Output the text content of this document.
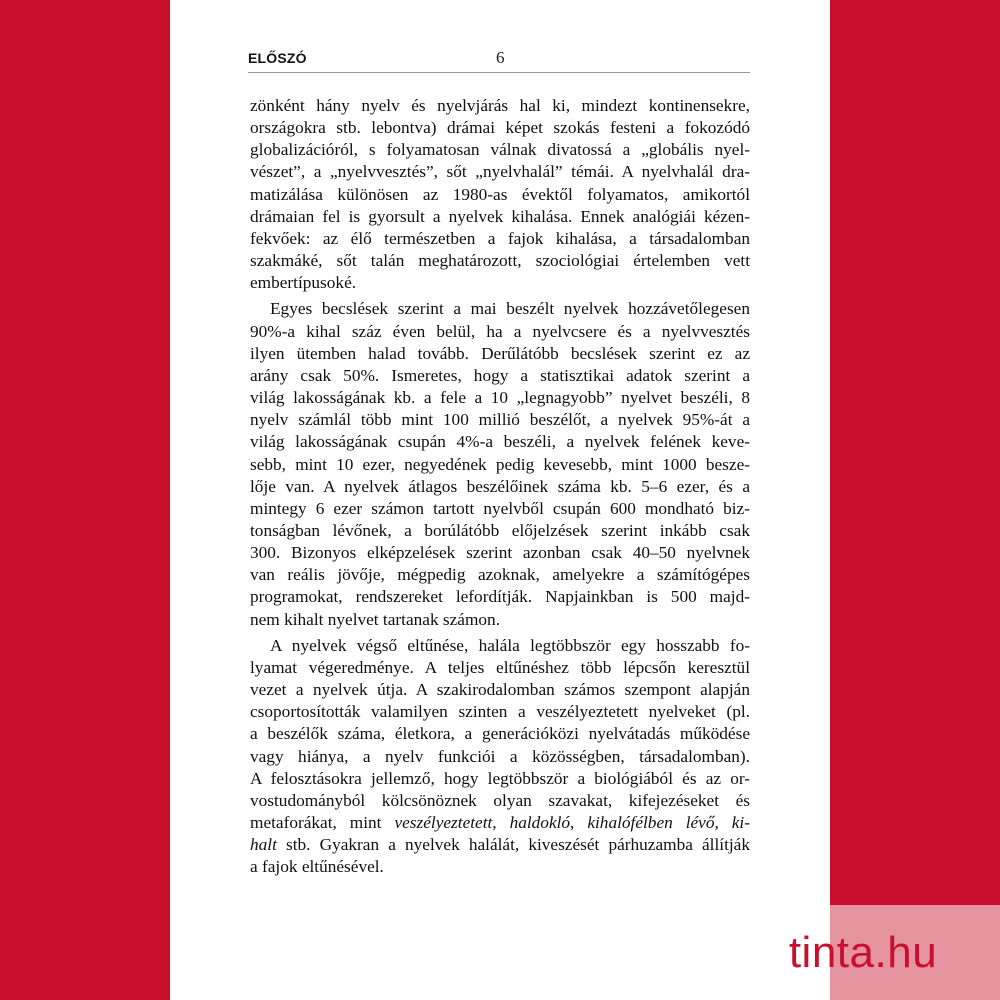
ELŐSZÓ	6

zönként hány nyelv és nyelvjárás hal ki, mindezt kontinensekre,
országokra stb. lebontva) drámai képet szokás festeni a fokozódó
globalizációról, s folyamatosan válnak divatossá a „globális nyel-
vészet”, a „nyelvvesztés”, sőt „nyelvhalál” témái. A nyelvhalál dra-
matizálása különösen az 1980-as évektől folyamatos, amikortól
drámaian fel is gyorsult a nyelvek kihalása. Ennek analógiái kézen-
fekvőek: az élő természetben a fajok kihalása, a társadalomban
szakmáké, sőt talán meghatározott, szociológiai értelemben vett
embertípusoké.

Egyes becslések szerint a mai beszélt nyelvek hozzávetőlegesen
90%-a kihal száz éven belül, ha a nyelvcsere és a nyelvvesztés
ilyen ütemben halad tovább. Derűlátóbb becslések szerint ez az
arány csak 50%. Ismeretes, hogy a statisztikai adatok szerint a
világ lakosságának kb. a fele a 10 „legnagyobb” nyelvet beszéli, 8
nyelv számlál több mint 100 millió beszélőt, a nyelvek 95%-át a
világ lakosságának csupán 4%-a beszéli, a nyelvek felének keve-
sebb, mint 10 ezer, negyedének pedig kevesebb, mint 1000 besze-
lője van. A nyelvek átlagos beszélőinek száma kb. 5–6 ezer, és a
mintegy 6 ezer számon tartott nyelvből csupán 600 mondható biz-
tonságban lévőnek, a borúlátóbb előjelzések szerint inkább csak
300. Bizonyos elképzelések szerint azonban csak 40–50 nyelvnek
van reális jövője, mégpedig azoknak, amelyekre a számítógépes
programokat, rendszereket lefordítják. Napjainkban is 500 majd-
nem kihalt nyelvet tartanak számon.

A nyelvek végső eltűnése, halála legtöbbször egy hosszabb fo-
lyamat végeredménye. A teljes eltűnéshez több lépcsőn keresztül
vezet a nyelvek útja. A szakirodalomban számos szempont alapján
csoportosították valamilyen szinten a veszélyeztetett nyelveket (pl.
a beszélők száma, életkora, a generációközi nyelvátadás működése
vagy hiánya, a nyelv funkciói a közösségben, társadalomban).
A felosztásokra jellemző, hogy legtöbbször a biológiából és az or-
vostudományból kölcsönöznek olyan szavakat, kifejezéseket és
metaforákat, mint veszélyeztetett, haldokló, kihalófélben lévő, ki-
halt stb. Gyakran a nyelvek halálát, kiveszését párhuzamba állítják
a fajok eltűnésével.

tinta.hu
